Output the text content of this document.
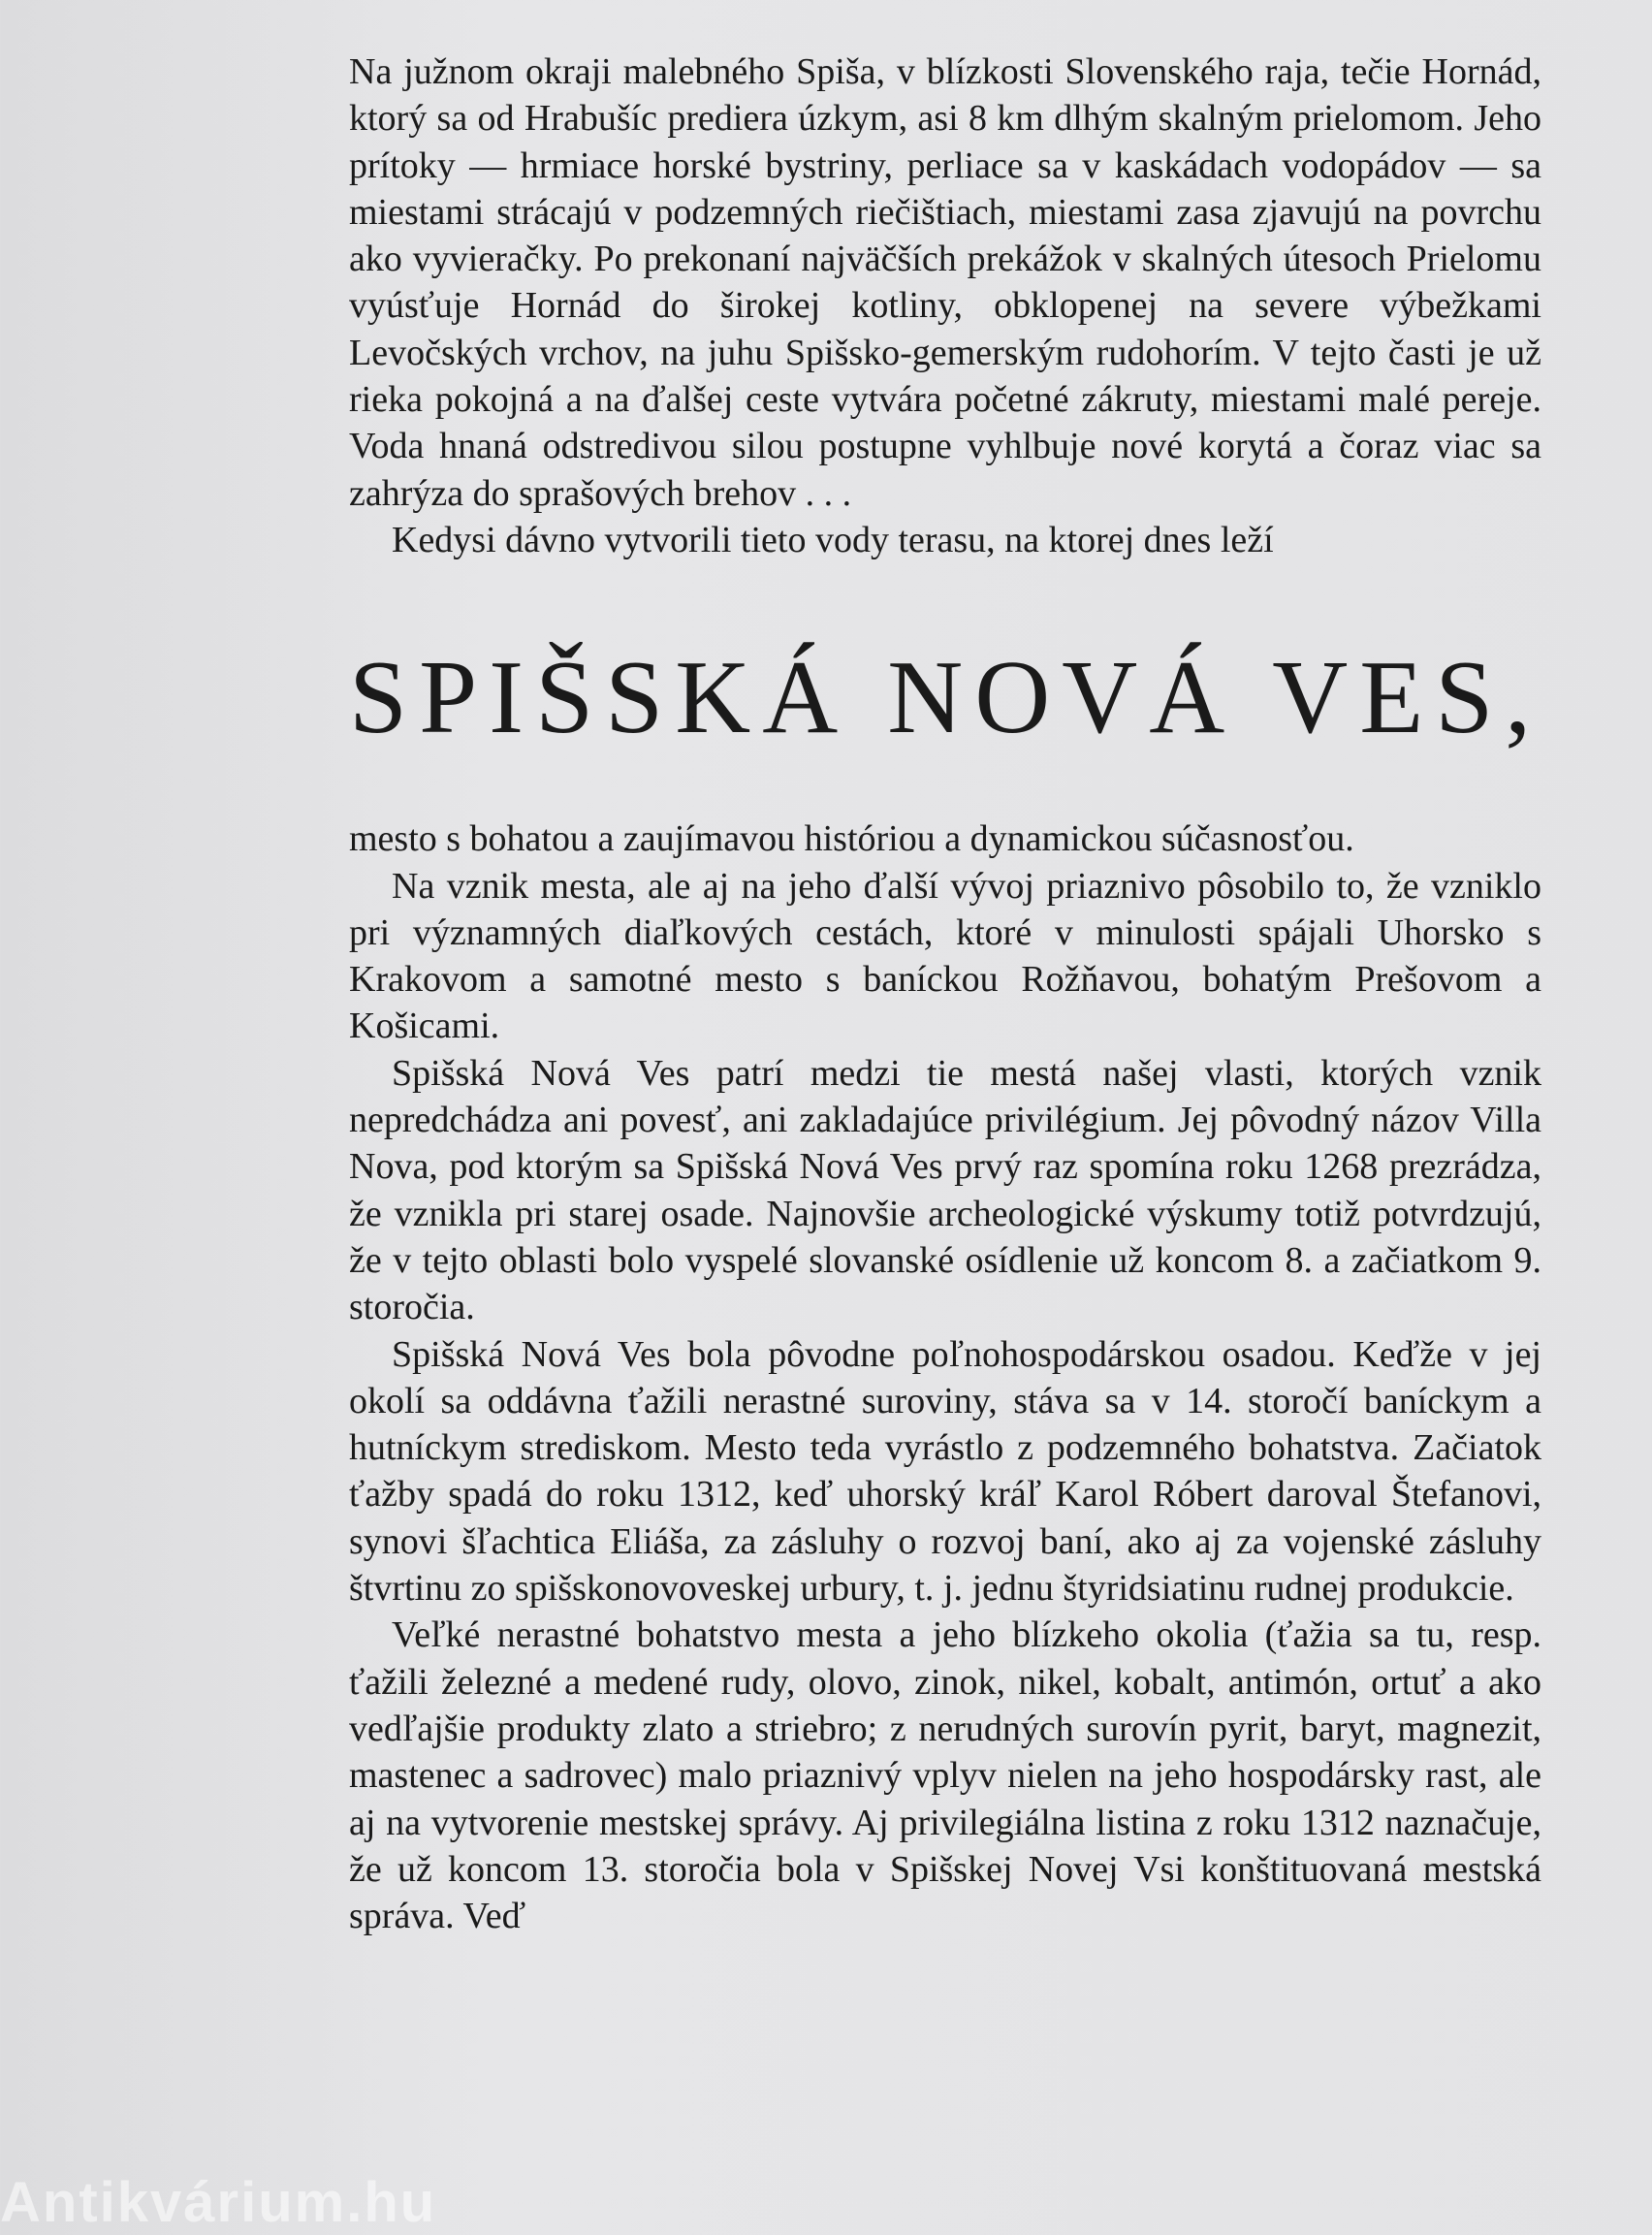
Na južnom okraji malebného Spiša, v blízkosti Slovenského raja, tečie Hornád, ktorý sa od Hrabušíc prediera úzkym, asi 8 km dlhým skalným prielomom. Jeho prítoky — hrmiace horské bystriny, perliace sa v kaskádach vodopádov — sa miestami strácajú v podzemných riečištiach, miestami zasa zjavujú na povrchu ako vyvieračky. Po prekonaní najväčších prekážok v skalných útesoch Prielomu vyúsťuje Hornád do širokej kotliny, obklopenej na severe výbežkami Levočských vrchov, na juhu Spišsko-gemerským rudohorím. V tejto časti je už rieka pokojná a na ďalšej ceste vytvára početné zákruty, miestami malé pereje. Voda hnaná odstredivou silou postupne vyhlbuje nové korytá a čoraz viac sa zahrýza do sprašových brehov . . .

Kedysi dávno vytvorili tieto vody terasu, na ktorej dnes leží

SPIŠSKÁ NOVÁ VES,

mesto s bohatou a zaujímavou históriou a dynamickou súčasnosťou.

Na vznik mesta, ale aj na jeho ďalší vývoj priaznivo pôsobilo to, že vzniklo pri významných diaľkových cestách, ktoré v minulosti spájali Uhorsko s Krakovom a samotné mesto s baníckou Rožňavou, bohatým Prešovom a Košicami.

Spišská Nová Ves patrí medzi tie mestá našej vlasti, ktorých vznik nepredchádza ani povesť, ani zakladajúce privilégium. Jej pôvodný názov Villa Nova, pod ktorým sa Spišská Nová Ves prvý raz spomína roku 1268 prezrádza, že vznikla pri starej osade. Najnovšie archeologické výskumy totiž potvrdzujú, že v tejto oblasti bolo vyspelé slovanské osídlenie už koncom 8. a začiatkom 9. storočia.

Spišská Nová Ves bola pôvodne poľnohospodárskou osadou. Keďže v jej okolí sa oddávna ťažili nerastné suroviny, stáva sa v 14. storočí baníckym a hutníckym strediskom. Mesto teda vyrástlo z podzemného bohatstva. Začiatok ťažby spadá do roku 1312, keď uhorský kráľ Karol Róbert daroval Štefanovi, synovi šľachtica Eliáša, za zásluhy o rozvoj baní, ako aj za vojenské zásluhy štvrtinu zo spišskonovoveskej urbury, t. j. jednu štyridsiatinu rudnej produkcie.

Veľké nerastné bohatstvo mesta a jeho blízkeho okolia (ťažia sa tu, resp. ťažili železné a medené rudy, olovo, zinok, nikel, kobalt, antimón, ortuť a ako vedľajšie produkty zlato a striebro; z nerudných surovín pyrit, baryt, magnezit, mastenec a sadrovec) malo priaznivý vplyv nielen na jeho hospodársky rast, ale aj na vytvorenie mestskej správy. Aj privilegiálna listina z roku 1312 naznačuje, že už koncom 13. storočia bola v Spišskej Novej Vsi konštituovaná mestská správa. Veď

Antikvárium.hu
